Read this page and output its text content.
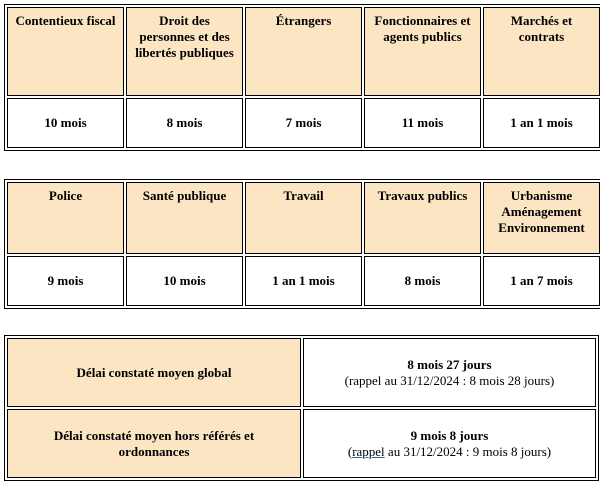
Contentieux fiscal	Droit des personnes et des libertés publiques	Étrangers	Fonctionnaires et agents publics	Marchés et contrats
10 mois	8 mois	7 mois	11 mois	1 an 1 mois
Police	Santé publique	Travail	Travaux publics	Urbanisme Aménagement Environnement
9 mois	10 mois	1 an 1 mois	8 mois	1 an 7 mois
Délai constaté moyen global	8 mois 27 jours
(rappel au 31/12/2024 : 8 mois 28 jours)

Délai constaté moyen hors référés et ordonnances	9 mois 8 jours
(rappel au 31/12/2024 : 9 mois 8 jours)
